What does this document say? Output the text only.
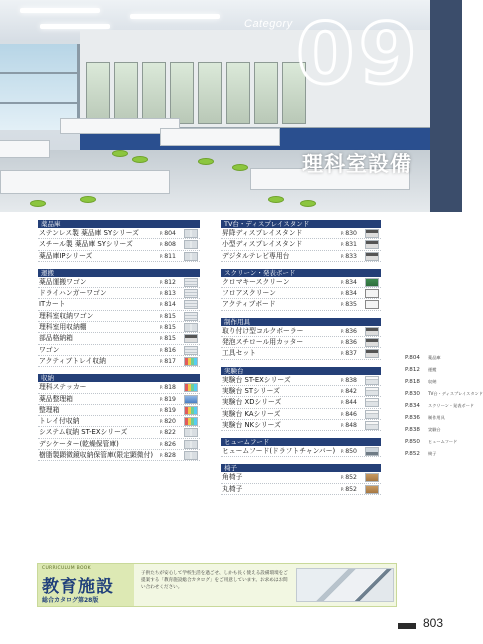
Category 09
理科室設備
薬品庫
ステンレス製 薬品庫 SYシリーズ	P.804
スチール製 薬品庫 SYシリーズ	P.808
薬品庫IPシリーズ	P.811
運搬
薬品運搬ワゴン	P.812
ドライハンガーワゴン	P.813
ITカート	P.814
理科室収納ワゴン	P.815
理科室用収納棚	P.815
部品格納箱	P.815
ワゴン	P.816
アクティブトレイ収納	P.817
収納
理科ステッカー	P.818
薬品整理箱	P.819
整理箱	P.819
トレイ付収納	P.820
システム収納 ST-EXシリーズ	P.822
デシケーター(乾燥保管庫)	P.826
樹脂製顕微鏡収納保管庫(限定顕微付) P.828
TV台・ディスプレイスタンド
昇降ディスプレイスタンド	P.830
小型ディスプレイスタンド	P.831
デジタルテレビ専用台	P.833
スクリーン・発表ボード
クロマキースクリーン	P.834
フロアスクリーン	P.834
アクティブボード	P.835
制作用具
取り付け型コルクボーラー	P.836
発泡スチロール用カッター	P.836
工具セット	P.837
実験台
実験台 ST-EXシリーズ	P.838
実験台 STシリーズ	P.842
実験台 XDシリーズ	P.844
実験台 KAシリーズ	P.846
実験台 NKシリーズ	P.848
ヒュームフード
ヒュームフード(ドラフトチャンバー) P.850
椅子
角椅子	P.852
丸椅子	P.852
P.804 薬品庫
P.812 運搬
P.818 収納
P.830 TV台・ディスプレイスタンド
P.834 スクリーン・発表ボード
P.836 制作用具
P.838 実験台
P.850 ヒュームフード
P.852 椅子
CURRICULUM BOOK
教育施設
総合カタログ第28版
子供たちが安心して学校生活を過ごせ、しかも長く使える設備環境をご提案する「教育施設総合カタログ」をご用意しています。お求めはお問い合わせください。
803
